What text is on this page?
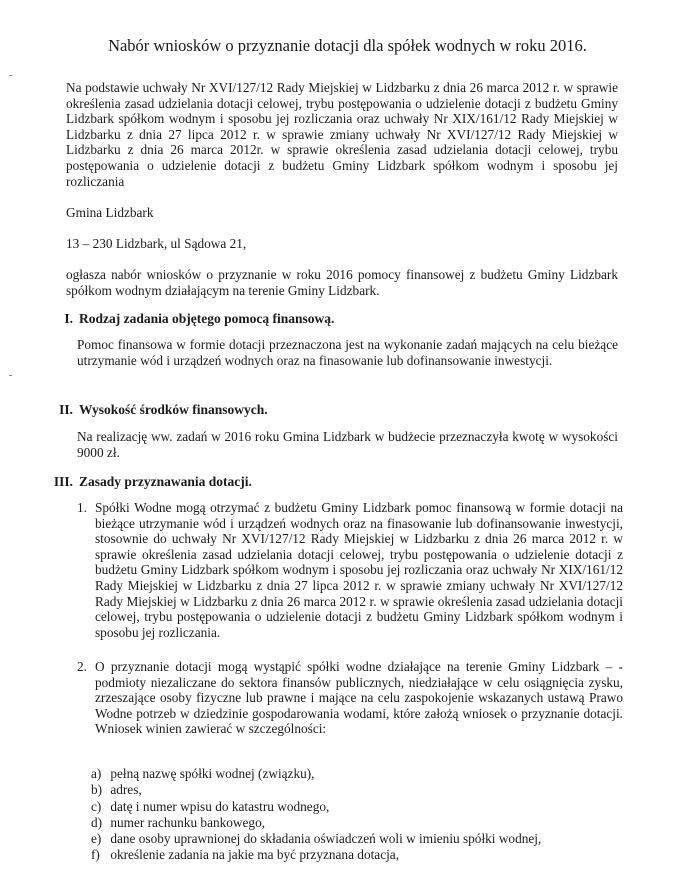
-
-
Nabór wniosków o przyznanie dotacji dla spółek wodnych w roku 2016.
Na podstawie uchwały Nr XVI/127/12 Rady Miejskiej w Lidzbarku z dnia 26 marca 2012 r. w sprawie określenia zasad udzielania dotacji celowej, trybu postępowania o udzielenie dotacji z budżetu Gminy Lidzbark spółkom wodnym i sposobu jej rozliczania oraz uchwały Nr XIX/161/12 Rady Miejskiej w Lidzbarku z dnia 27 lipca 2012 r. w sprawie zmiany uchwały Nr XVI/127/12 Rady Miejskiej w Lidzbarku z dnia 26 marca 2012r. w sprawie określenia zasad udzielania dotacji celowej, trybu postępowania o udzielenie dotacji z budżetu Gminy Lidzbark spółkom wodnym i sposobu jej rozliczania
Gmina Lidzbark
13 – 230 Lidzbark, ul Sądowa 21,
ogłasza nabór wniosków o przyznanie w roku 2016 pomocy finansowej z budżetu Gminy Lidzbark spółkom wodnym działającym na terenie Gminy Lidzbark.
I. Rodzaj zadania objętego pomocą finansową.
Pomoc finansowa w formie dotacji przeznaczona jest na wykonanie zadań mających na celu bieżące utrzymanie wód i urządzeń wodnych oraz na finasowanie lub dofinansowanie inwestycji.
II. Wysokość środków finansowych.
Na realizację ww. zadań w 2016 roku Gmina Lidzbark w budżecie przeznaczyła kwotę w wysokości 9000 zł.
III. Zasady przyznawania dotacji.
1. Spółki Wodne mogą otrzymać z budżetu Gminy Lidzbark pomoc finansową w formie dotacji na bieżące utrzymanie wód i urządzeń wodnych oraz na finasowanie lub dofinansowanie inwestycji, stosownie do uchwały Nr XVI/127/12 Rady Miejskiej w Lidzbarku z dnia 26 marca 2012 r. w sprawie określenia zasad udzielania dotacji celowej, trybu postępowania o udzielenie dotacji z budżetu Gminy Lidzbark spółkom wodnym i sposobu jej rozliczania oraz uchwały Nr XIX/161/12 Rady Miejskiej w Lidzbarku z dnia 27 lipca 2012 r. w sprawie zmiany uchwały Nr XVI/127/12 Rady Miejskiej w Lidzbarku z dnia 26 marca 2012 r. w sprawie określenia zasad udzielania dotacji celowej, trybu postępowania o udzielenie dotacji z budżetu Gminy Lidzbark spółkom wodnym i sposobu jej rozliczania.
2. O przyznanie dotacji mogą wystąpić spółki wodne działające na terenie Gminy Lidzbark – - podmioty niezaliczane do sektora finansów publicznych, niedziałające w celu osiągnięcia zysku, zrzeszające osoby fizyczne lub prawne i mające na celu zaspokojenie wskazanych ustawą Prawo Wodne potrzeb w dziedzinie gospodarowania wodami, które założą wniosek o przyznanie dotacji. Wniosek winien zawierać w szczególności:
a) pełną nazwę spółki wodnej (związku),
b) adres,
c) datę i numer wpisu do katastru wodnego,
d) numer rachunku bankowego,
e) dane osoby uprawnionej do składania oświadczeń woli w imieniu spółki wodnej,
f) określenie zadania na jakie ma być przyznana dotacja,
